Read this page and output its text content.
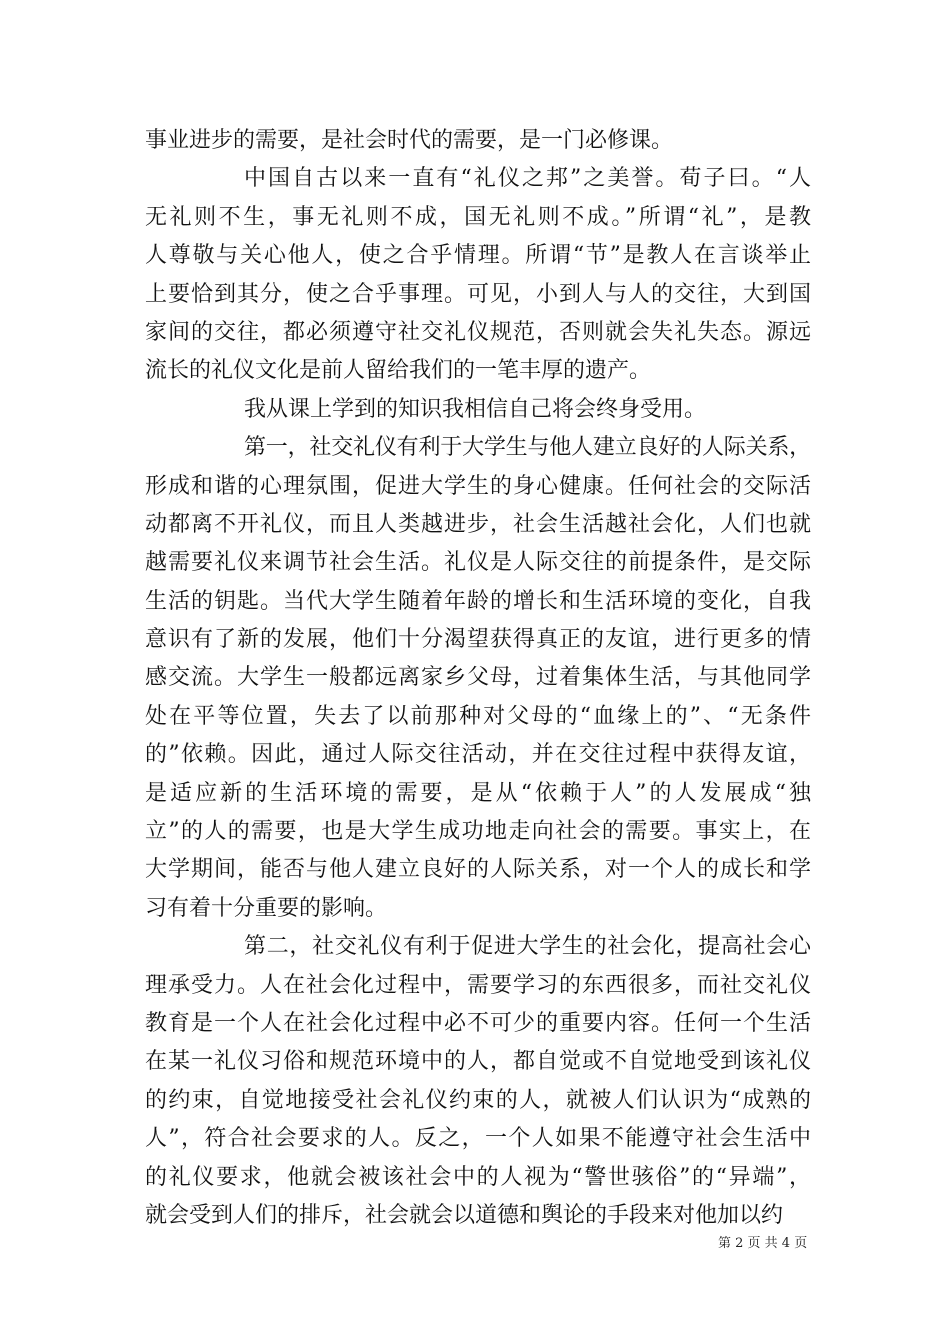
事业进步的需要，是社会时代的需要，是一门必修课。
中国自古以来一直有“礼仪之邦”之美誉。荀子曰。“人
无礼则不生，事无礼则不成，国无礼则不成。”所谓“礼”，是教
人尊敬与关心他人，使之合乎情理。所谓“节”是教人在言谈举止
上要恰到其分，使之合乎事理。可见，小到人与人的交往，大到国
家间的交往，都必须遵守社交礼仪规范，否则就会失礼失态。源远
流长的礼仪文化是前人留给我们的一笔丰厚的遗产。
我从课上学到的知识我相信自己将会终身受用。
第一，社交礼仪有利于大学生与他人建立良好的人际关系，
形成和谐的心理氛围，促进大学生的身心健康。任何社会的交际活
动都离不开礼仪，而且人类越进步，社会生活越社会化，人们也就
越需要礼仪来调节社会生活。礼仪是人际交往的前提条件，是交际
生活的钥匙。当代大学生随着年龄的增长和生活环境的变化，自我
意识有了新的发展，他们十分渴望获得真正的友谊，进行更多的情
感交流。大学生一般都远离家乡父母，过着集体生活，与其他同学
处在平等位置，失去了以前那种对父母的“血缘上的”、“无条件
的”依赖。因此，通过人际交往活动，并在交往过程中获得友谊，
是适应新的生活环境的需要，是从“依赖于人”的人发展成“独
立”的人的需要，也是大学生成功地走向社会的需要。事实上，在
大学期间，能否与他人建立良好的人际关系，对一个人的成长和学
习有着十分重要的影响。
第二，社交礼仪有利于促进大学生的社会化，提高社会心
理承受力。人在社会化过程中，需要学习的东西很多，而社交礼仪
教育是一个人在社会化过程中必不可少的重要内容。任何一个生活
在某一礼仪习俗和规范环境中的人，都自觉或不自觉地受到该礼仪
的约束，自觉地接受社会礼仪约束的人，就被人们认识为“成熟的
人”，符合社会要求的人。反之，一个人如果不能遵守社会生活中
的礼仪要求，他就会被该社会中的人视为“警世骇俗”的“异端”，
就会受到人们的排斥，社会就会以道德和舆论的手段来对他加以约
第 2 页 共 4 页
